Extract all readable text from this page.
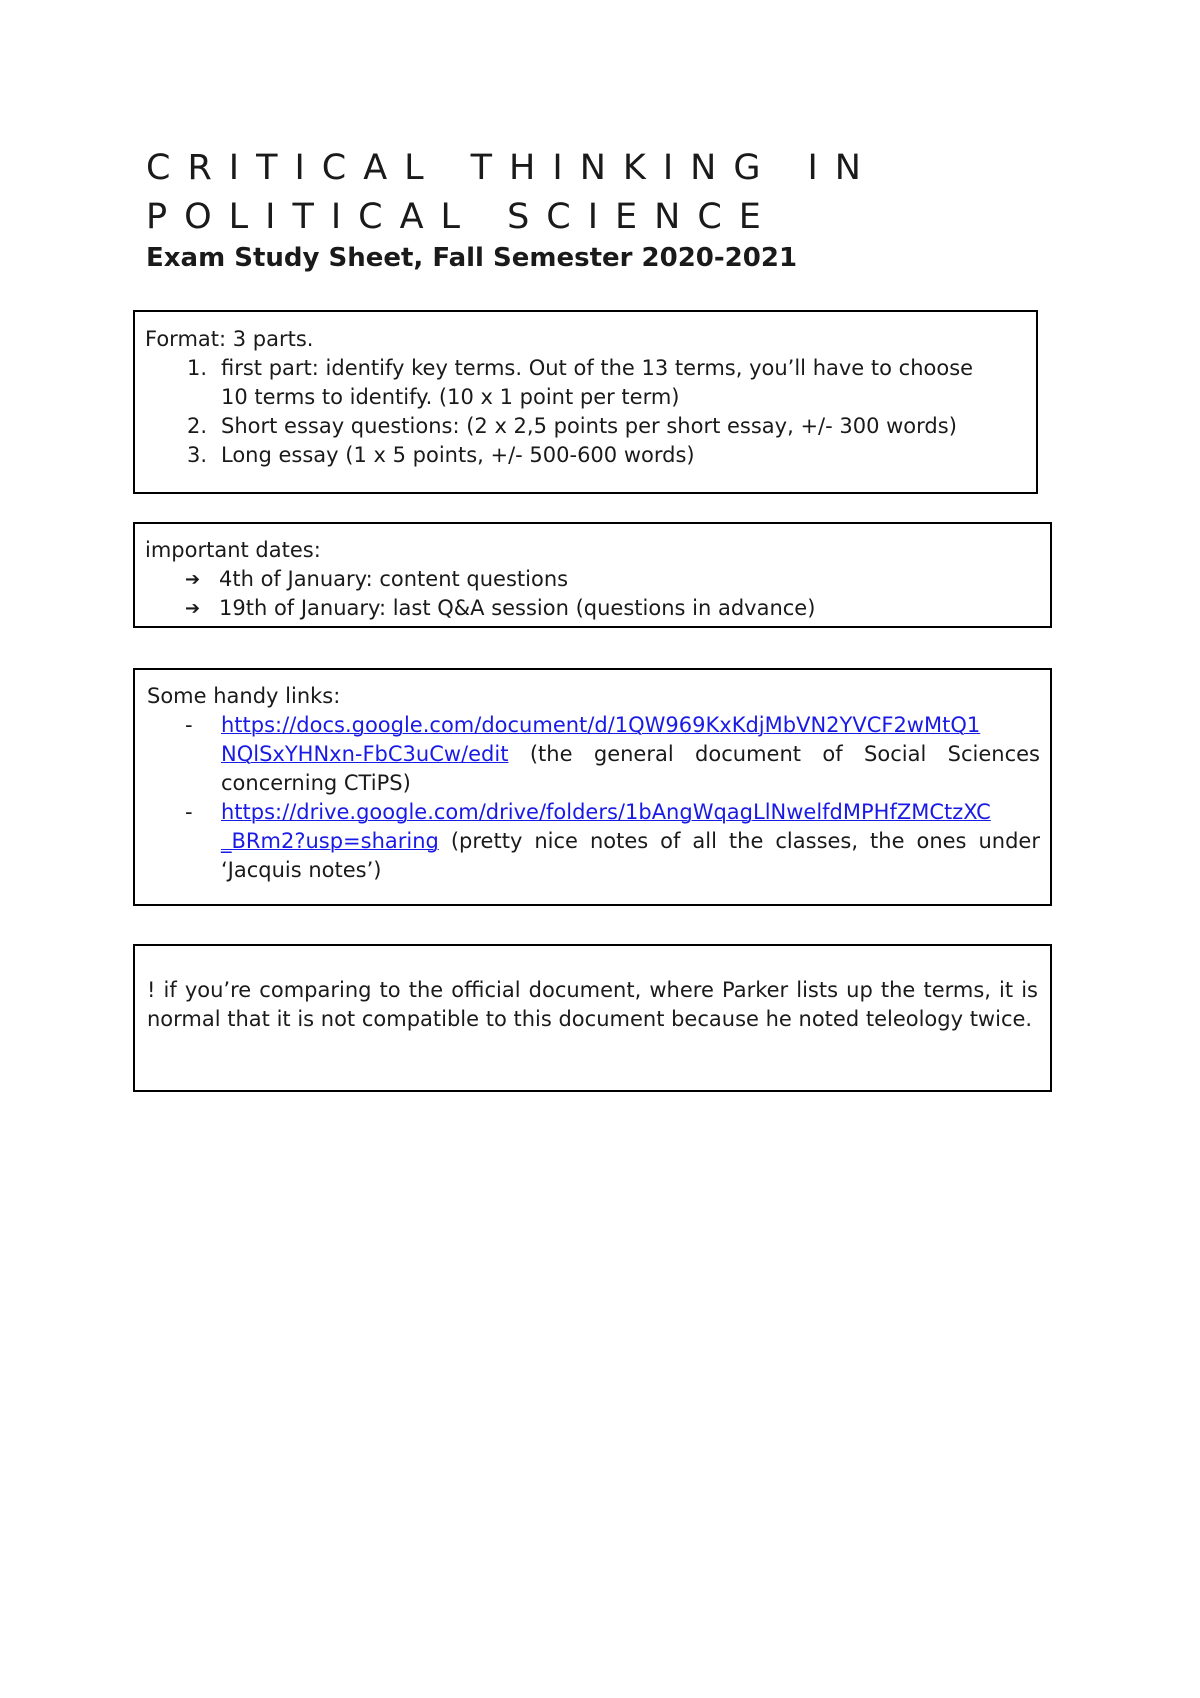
CRITICAL THINKING IN
POLITICAL SCIENCE
Exam Study Sheet, Fall Semester 2020-2021
Format: 3 parts.
1. first part: identify key terms. Out of the 13 terms, you’ll have to choose
10 terms to identify. (10 x 1 point per term)
2. Short essay questions: (2 x 2,5 points per short essay, +/- 300 words)
3. Long essay (1 x 5 points, +/- 500-600 words)
important dates:
➔ 4th of January: content questions
➔ 19th of January: last Q&A session (questions in advance)
Some handy links:
-	https://docs.google.com/document/d/1QW969KxKdjMbVN2YVCF2wMtQ1
NQlSxYHNxn-FbC3uCw/edit (the general document of Social Sciences concerning CTiPS)
-	https://drive.google.com/drive/folders/1bAngWqagLlNwelfdMPHfZMCtzXC
_BRm2?usp=sharing (pretty nice notes of all the classes, the ones under ‘Jacquis notes’)
! if you’re comparing to the official document, where Parker lists up the terms, it is normal that it is not compatible to this document because he noted teleology twice.
